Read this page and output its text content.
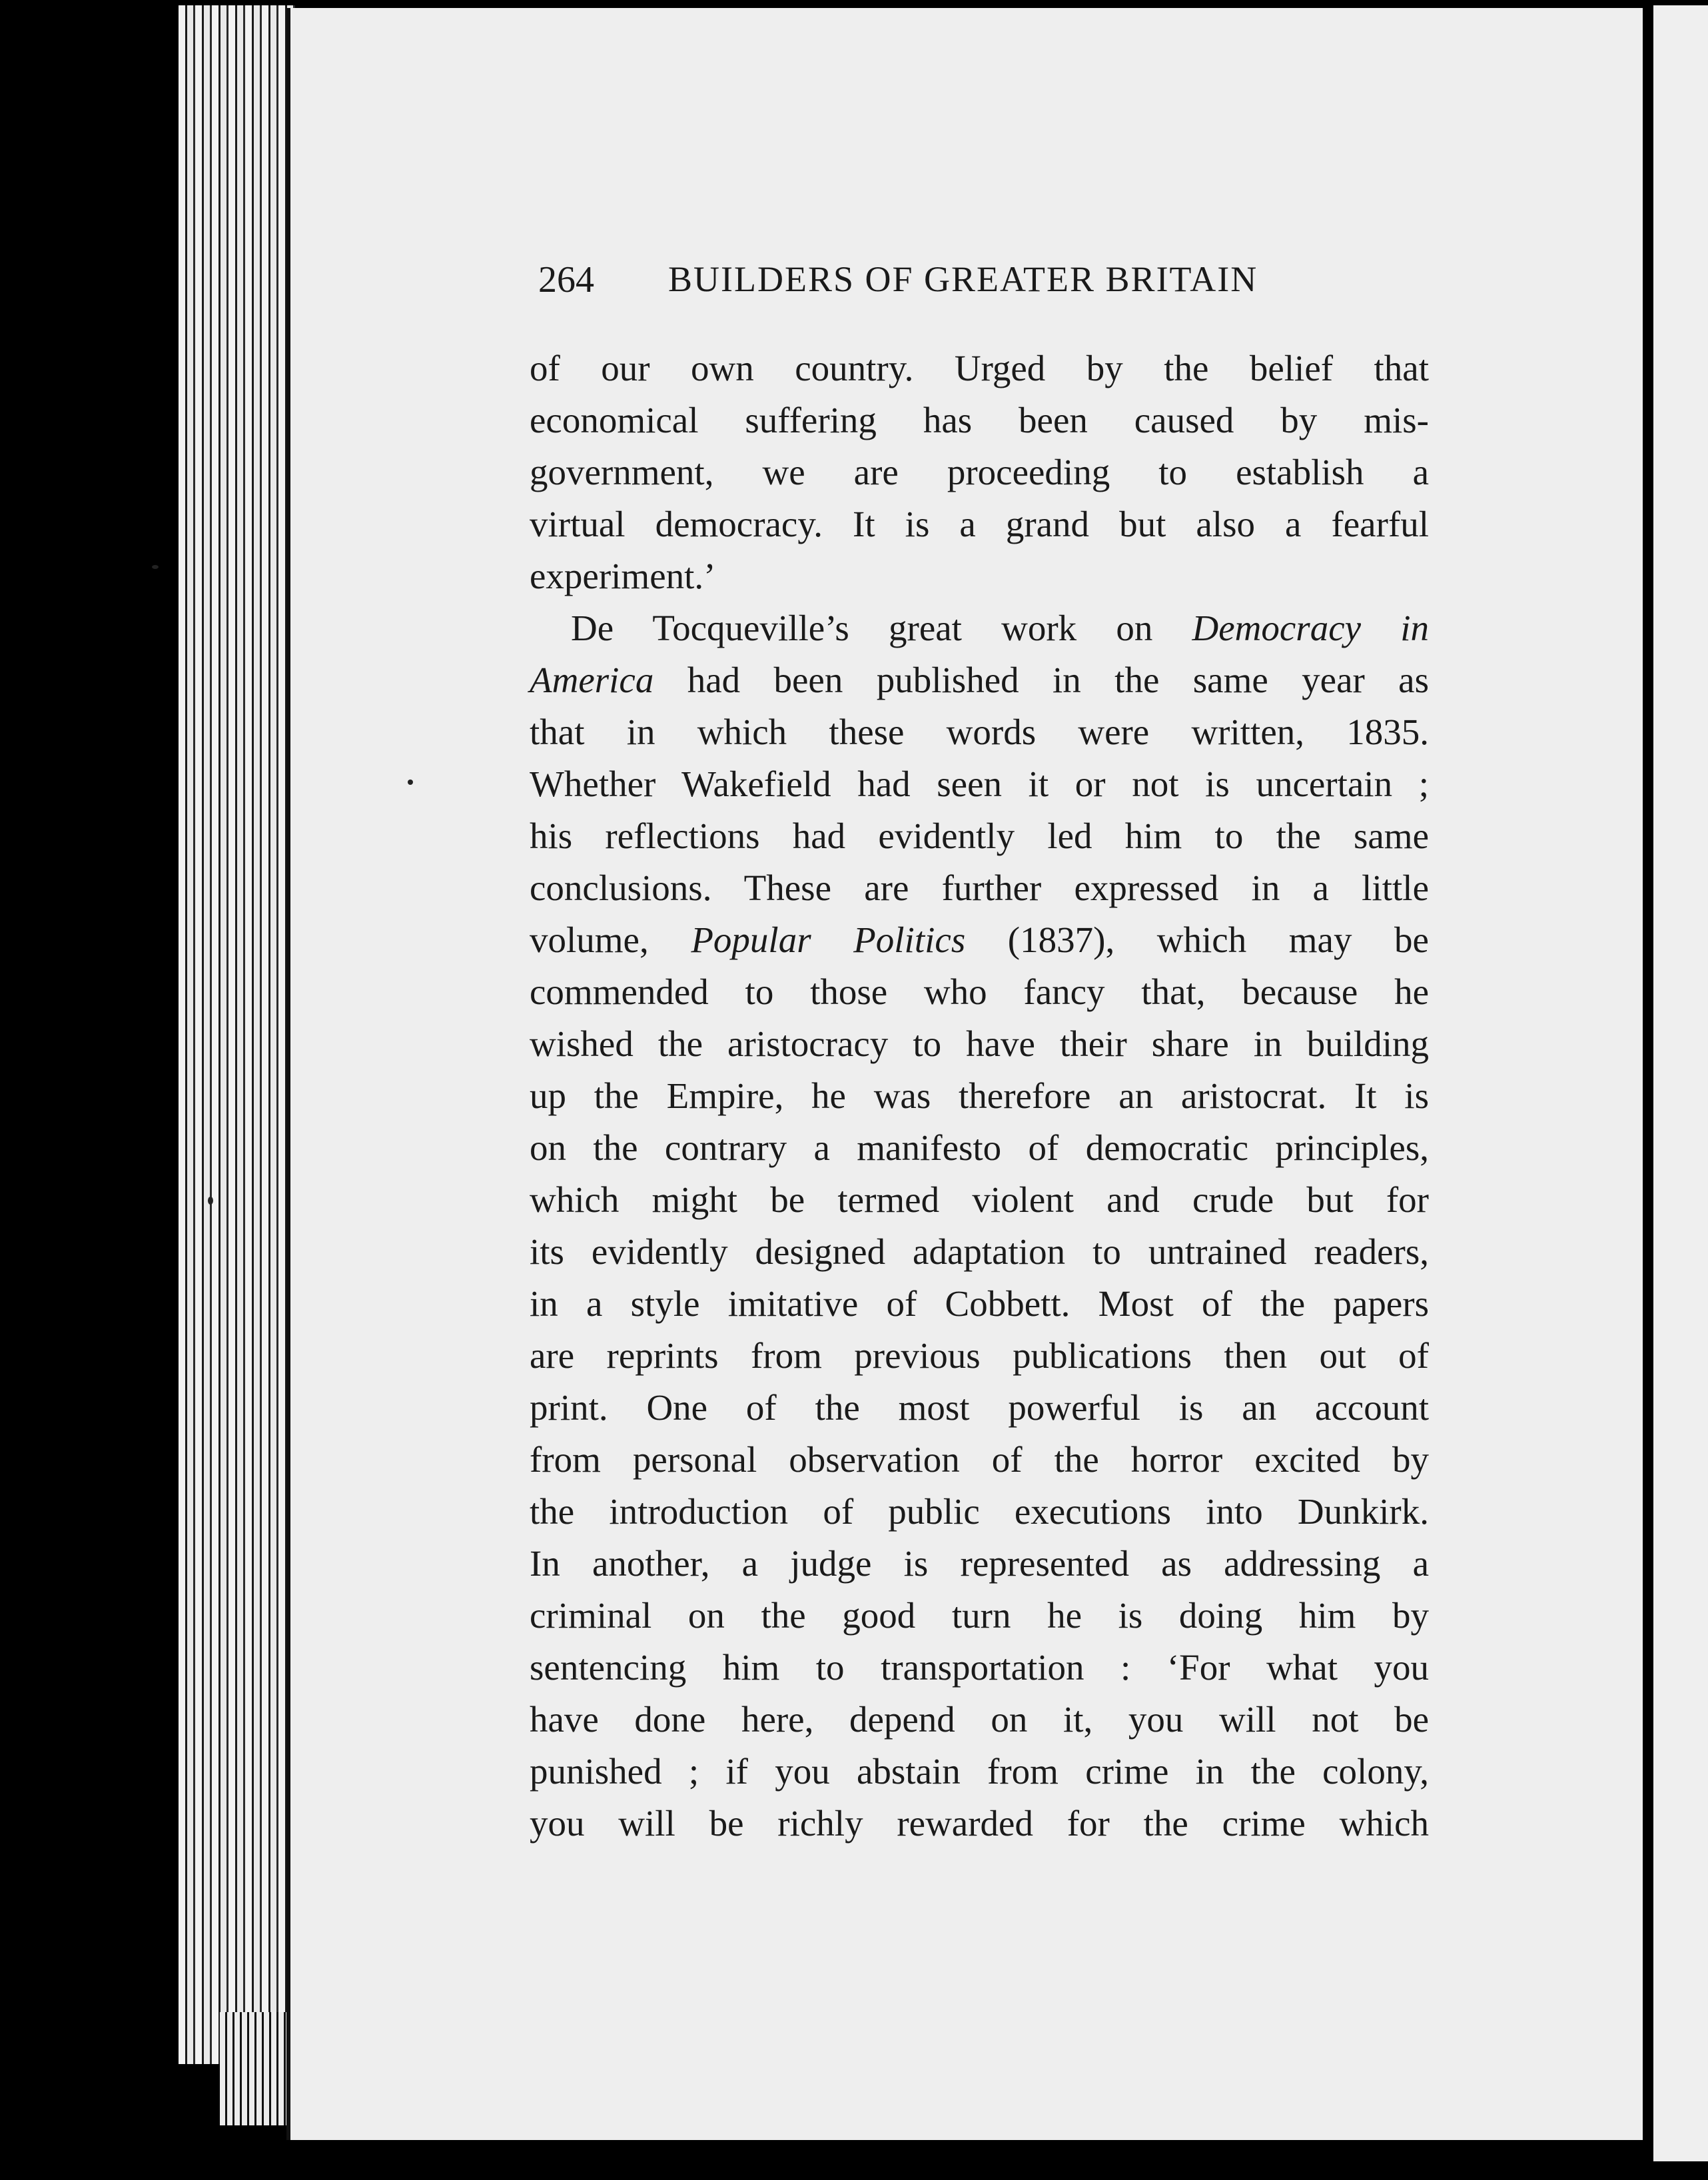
264 BUILDERS OF GREATER BRITAIN
of our own country. Urged by the belief that
economical suffering has been caused by mis-
government, we are proceeding to establish a
virtual democracy. It is a grand but also a fearful
experiment.’
De Tocqueville’s great work on Democracy in
America had been published in the same year as
that in which these words were written, 1835.
Whether Wakefield had seen it or not is uncertain ;
his reflections had evidently led him to the same
conclusions. These are further expressed in a little
volume, Popular Politics (1837), which may be
commended to those who fancy that, because he
wished the aristocracy to have their share in building
up the Empire, he was therefore an aristocrat. It is
on the contrary a manifesto of democratic principles,
which might be termed violent and crude but for
its evidently designed adaptation to untrained readers,
in a style imitative of Cobbett. Most of the papers
are reprints from previous publications then out of
print. One of the most powerful is an account
from personal observation of the horror excited by
the introduction of public executions into Dunkirk.
In another, a judge is represented as addressing a
criminal on the good turn he is doing him by
sentencing him to transportation : ‘For what you
have done here, depend on it, you will not be
punished ; if you abstain from crime in the colony,
you will be richly rewarded for the crime which
